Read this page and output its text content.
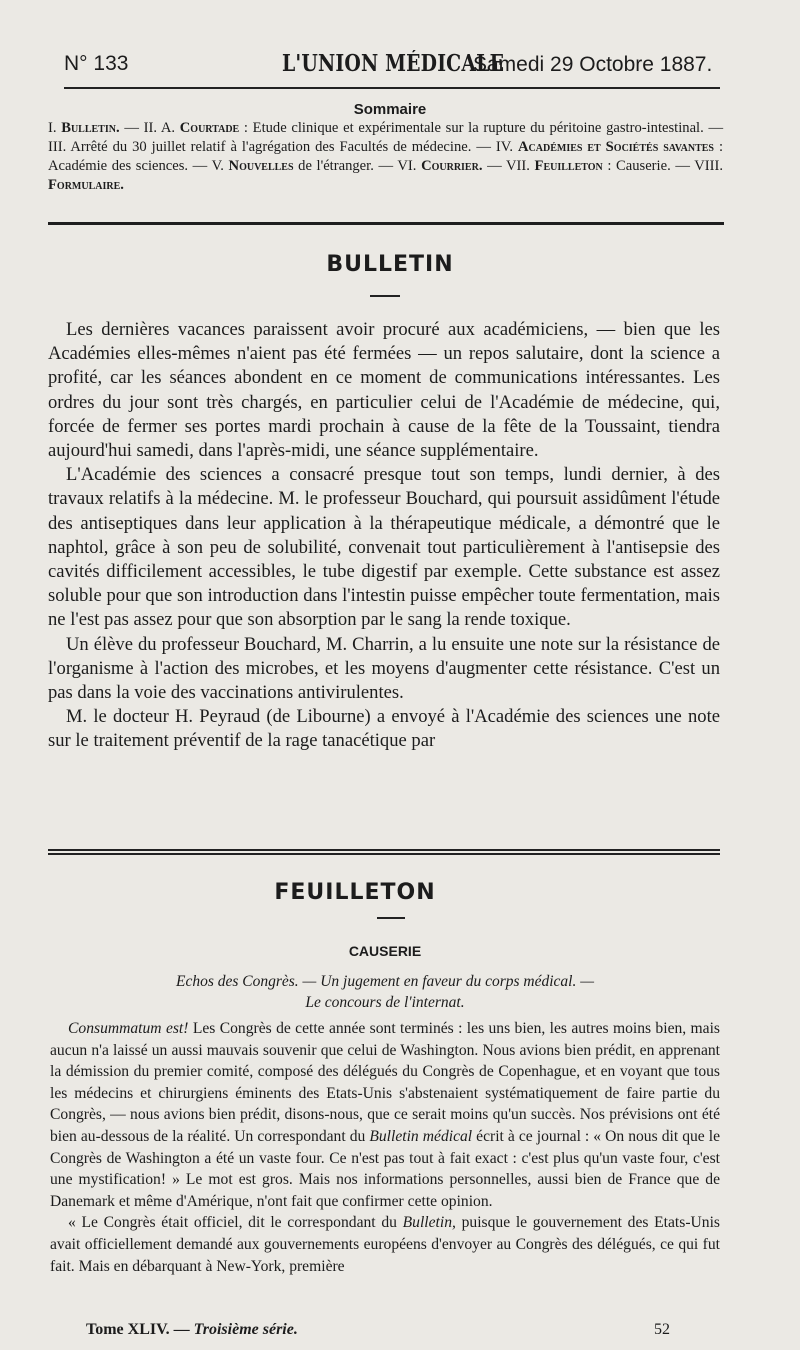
N° 133	L'UNION MÉDICALE
Samedi 29 Octobre 1887.
Sommaire
I. Bulletin. — II. A. Courtade : Etude clinique et expérimentale sur la rupture du péritoine gastro-intestinal. — III. Arrêté du 30 juillet relatif à l'agrégation des Facultés de médecine. — IV. Académies et Sociétés savantes : Académie des sciences. — V. Nouvelles de l'étranger. — VI. Courrier. — VII. Feuilleton : Causerie. — VIII. Formulaire.
BULLETIN

Les dernières vacances paraissent avoir procuré aux académiciens, — bien que les Académies elles-mêmes n'aient pas été fermées — un repos salutaire, dont la science a profité, car les séances abondent en ce moment de communications intéressantes. Les ordres du jour sont très chargés, en particulier celui de l'Académie de médecine, qui, forcée de fermer ses portes mardi prochain à cause de la fête de la Toussaint, tiendra aujourd'hui samedi, dans l'après-midi, une séance supplémentaire.

L'Académie des sciences a consacré presque tout son temps, lundi dernier, à des travaux relatifs à la médecine. M. le professeur Bouchard, qui poursuit assidûment l'étude des antiseptiques dans leur application à la thérapeutique médicale, a démontré que le naphtol, grâce à son peu de solubilité, convenait tout particulièrement à l'antisepsie des cavités difficilement accessibles, le tube digestif par exemple. Cette substance est assez soluble pour que son introduction dans l'intestin puisse empêcher toute fermentation, mais ne l'est pas assez pour que son absorption par le sang la rende toxique.

Un élève du professeur Bouchard, M. Charrin, a lu ensuite une note sur la résistance de l'organisme à l'action des microbes, et les moyens d'augmenter cette résistance. C'est un pas dans la voie des vaccinations antivirulentes.

M. le docteur H. Peyraud (de Libourne) a envoyé à l'Académie des sciences une note sur le traitement préventif de la rage tanacétique par

FEUILLETON
CAUSERIE
Echos des Congrès. — Un jugement en faveur du corps médical. —
Le concours de l'internat.

Consummatum est! Les Congrès de cette année sont terminés : les uns bien, les autres moins bien, mais aucun n'a laissé un aussi mauvais souvenir que celui de Washington. Nous avions bien prédit, en apprenant la démission du premier comité, composé des délégués du Congrès de Copenhague, et en voyant que tous les médecins et chirurgiens éminents des Etats-Unis s'abstenaient systématiquement de faire partie du Congrès, — nous avions bien prédit, disons-nous, que ce serait moins qu'un succès. Nos prévisions ont été bien au-dessous de la réalité. Un correspondant du Bulletin médical écrit à ce journal : « On nous dit que le Congrès de Washington a été un vaste four. Ce n'est pas tout à fait exact : c'est plus qu'un vaste four, c'est une mystification! » Le mot est gros. Mais nos informations personnelles, aussi bien de France que de Danemark et même d'Amérique, n'ont fait que confirmer cette opinion.

« Le Congrès était officiel, dit le correspondant du Bulletin, puisque le gouvernement des Etats-Unis avait officiellement demandé aux gouvernements européens d'envoyer au Congrès des délégués, ce qui fut fait. Mais en débarquant à New-York, première

Tome XLIV. — Troisième série.	52
